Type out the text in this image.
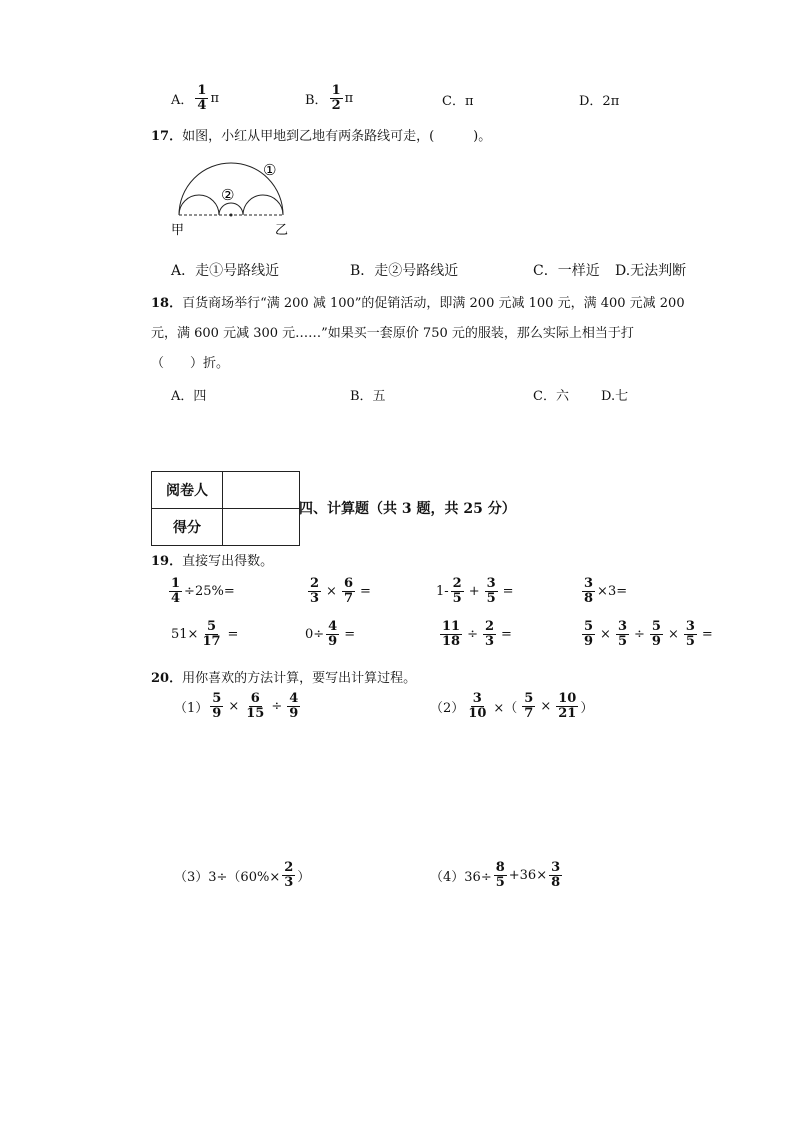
A． $\frac{1}{4}$ π	B． $\frac{1}{2}$ π	C．π	D．2π
17．如图，小红从甲地到乙地有两条路线可走，(　　　)。
①
②
甲	乙
A．走①号路线近	B．走②号路线近	C．一样近 D.无法判断
18．百货商场举行“满 200 减 100”的促销活动，即满 200 元减 100 元，满 400 元减 200
元，满 600 元减 300 元……”如果买一套原价 750 元的服装，那么实际上相当于打
（　　）折。
A．四	B．五	C．六 D.七
阅卷人	
得分	
四、计算题（共 3 题，共 25 分）
19．直接写出得数。
$\frac{1}{4} \div 25\%=$	$\frac{2}{3} \times \frac{6}{7}$ =	$1- \frac{2}{5} + \frac{3}{5}$ =	$\frac{3}{8} \times 3=$
$51\times \frac{5}{17}$ =	$0\div \frac{4}{9}$ =	$\frac{11}{18} \div \frac{2}{3}$ =	$\frac{5}{9} \times \frac{3}{5} \div \frac{5}{9} \times \frac{3}{5}$ =
20．用你喜欢的方法计算，要写出计算过程。
$(1) \frac{5}{9} \times \frac{6}{15} \div \frac{4}{9}$	$(2) \frac{3}{10}$ ×（ $\frac{5}{7} \times \frac{10}{21}$ ）
$(3)3\div(60\%\times \frac{2}{3}$ ）	$(4)36\div \frac{8}{5} +36\times \frac{3}{8}$
